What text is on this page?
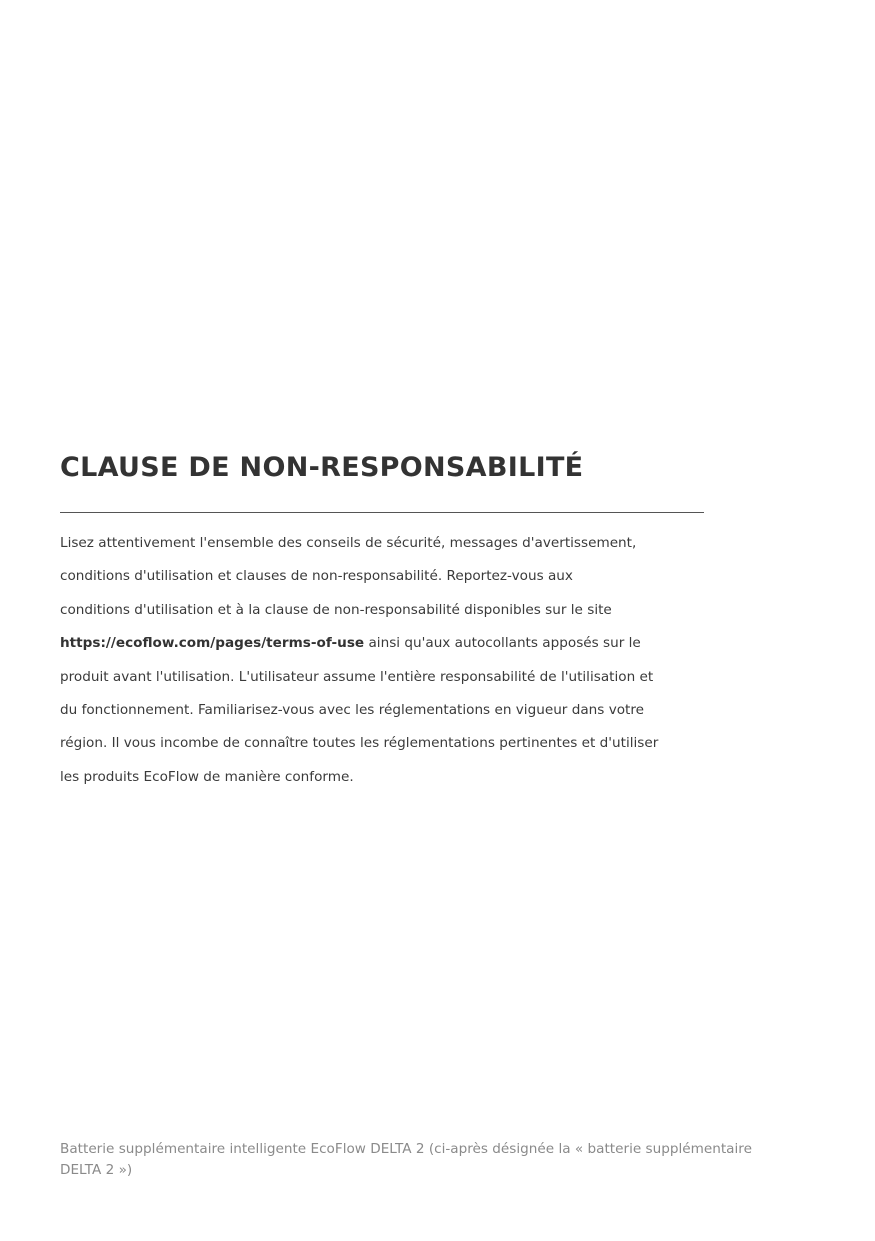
CLAUSE DE NON-RESPONSABILITÉ
Lisez attentivement l'ensemble des conseils de sécurité, messages d'avertissement,
conditions d'utilisation et clauses de non-responsabilité. Reportez-vous aux
conditions d'utilisation et à la clause de non-responsabilité disponibles sur le site
https://ecoflow.com/pages/terms-of-use ainsi qu'aux autocollants apposés sur le
produit avant l'utilisation. L'utilisateur assume l'entière responsabilité de l'utilisation et
du fonctionnement. Familiarisez-vous avec les réglementations en vigueur dans votre
région. Il vous incombe de connaître toutes les réglementations pertinentes et d'utiliser
les produits EcoFlow de manière conforme.
Batterie supplémentaire intelligente EcoFlow DELTA 2 (ci-après désignée la « batterie supplémentaire
DELTA 2 »)
